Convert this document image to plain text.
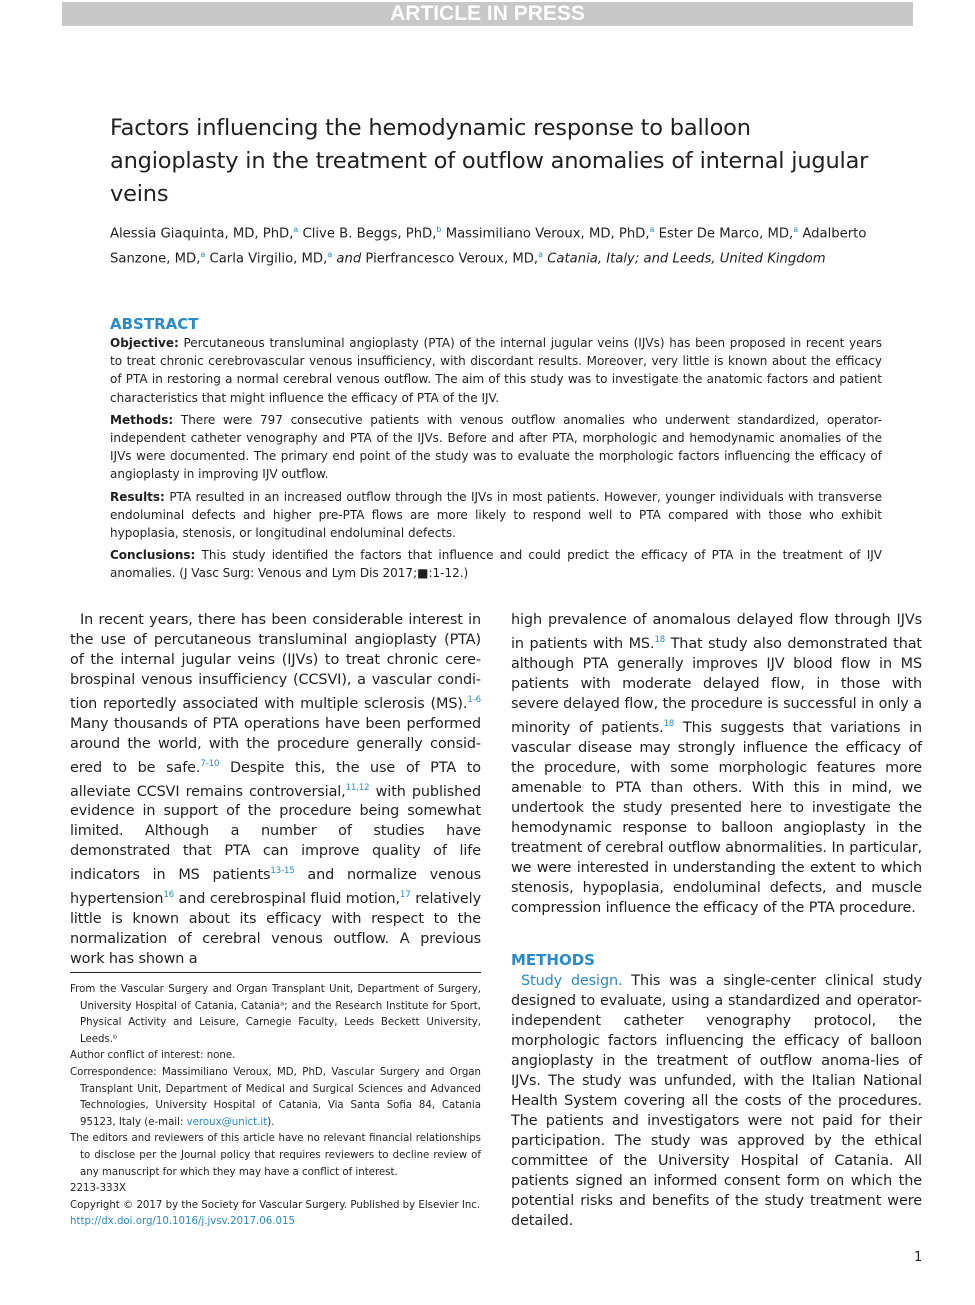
ARTICLE IN PRESS
Factors influencing the hemodynamic response to balloon angioplasty in the treatment of outflow anomalies of internal jugular veins
Alessia Giaquinta, MD, PhD,$^a$ Clive B. Beggs, PhD,$^b$ Massimiliano Veroux, MD, PhD,$^a$ Ester De Marco, MD,$^a$ Adalberto Sanzone, MD,$^a$ Carla Virgilio, MD,$^a$ and Pierfrancesco Veroux, MD,$^a$ Catania, Italy; and Leeds, United Kingdom
ABSTRACT

Objective: Percutaneous transluminal angioplasty (PTA) of the internal jugular veins (IJVs) has been proposed in recent years to treat chronic cerebrovascular venous insufficiency, with discordant results. Moreover, very little is known about the efficacy of PTA in restoring a normal cerebral venous outflow. The aim of this study was to investigate the anatomic factors and patient characteristics that might influence the efficacy of PTA of the IJV.

Methods: There were 797 consecutive patients with venous outflow anomalies who underwent standardized, operator-independent catheter venography and PTA of the IJVs. Before and after PTA, morphologic and hemodynamic anomalies of the IJVs were documented. The primary end point of the study was to evaluate the morphologic factors influencing the efficacy of angioplasty in improving IJV outflow.

Results: PTA resulted in an increased outflow through the IJVs in most patients. However, younger individuals with transverse endoluminal defects and higher pre-PTA flows are more likely to respond well to PTA compared with those who exhibit hypoplasia, stenosis, or longitudinal endoluminal defects.

Conclusions: This study identified the factors that influence and could predict the efficacy of PTA in the treatment of IJV anomalies. (J Vasc Surg: Venous and Lym Dis 2017;■:1-12.)

In recent years, there has been considerable interest in the use of percutaneous transluminal angioplasty (PTA) of the internal jugular veins (IJVs) to treat chronic cere-brospinal venous insufficiency (CCSVI), a vascular condi-tion reportedly associated with multiple sclerosis (MS).$^{1-6}$ Many thousands of PTA operations have been performed around the world, with the procedure generally consid-ered to be safe.$^{7-10}$ Despite this, the use of PTA to alleviate CCSVI remains controversial,$^{11,12}$ with published evidence in support of the procedure being somewhat limited. Although a number of studies have demonstrated that PTA can improve quality of life indicators in MS patients$^{13-15}$ and normalize venous hypertension$^{16}$ and cerebrospinal fluid motion,$^{17}$ relatively little is known about its efficacy with respect to the normalization of cerebral venous outflow. A previous work has shown a

high prevalence of anomalous delayed flow through IJVs in patients with MS.$^{18}$ That study also demonstrated that although PTA generally improves IJV blood flow in MS patients with moderate delayed flow, in those with severe delayed flow, the procedure is successful in only a minority of patients.$^{18}$ This suggests that variations in vascular disease may strongly influence the efficacy of the procedure, with some morphologic features more amenable to PTA than others. With this in mind, we undertook the study presented here to investigate the hemodynamic response to balloon angioplasty in the treatment of cerebral outflow abnormalities. In particular, we were interested in understanding the extent to which stenosis, hypoplasia, endoluminal defects, and muscle compression influence the efficacy of the PTA procedure.

METHODS

Study design. This was a single-center clinical study designed to evaluate, using a standardized and operator-independent catheter venography protocol, the morphologic factors influencing the efficacy of balloon angioplasty in the treatment of outflow anoma-lies of IJVs. The study was unfunded, with the Italian National Health System covering all the costs of the procedures. The patients and investigators were not paid for their participation. The study was approved by the ethical committee of the University Hospital of Catania. All patients signed an informed consent form on which the potential risks and benefits of the study treatment were detailed.

From the Vascular Surgery and Organ Transplant Unit, Department of Surgery, University Hospital of Catania, Cataniaᵃ; and the Research Institute for Sport, Physical Activity and Leisure, Carnegie Faculty, Leeds Beckett University, Leeds.ᵇ

Author conflict of interest: none.

Correspondence: Massimiliano Veroux, MD, PhD, Vascular Surgery and Organ Transplant Unit, Department of Medical and Surgical Sciences and Advanced Technologies, University Hospital of Catania, Via Santa Sofia 84, Catania 95123, Italy (e-mail: veroux@unict.it).

The editors and reviewers of this article have no relevant financial relationships to disclose per the Journal policy that requires reviewers to decline review of any manuscript for which they may have a conflict of interest.

2213-333X

Copyright © 2017 by the Society for Vascular Surgery. Published by Elsevier Inc.

http://dx.doi.org/10.1016/j.jvsv.2017.06.015

1
